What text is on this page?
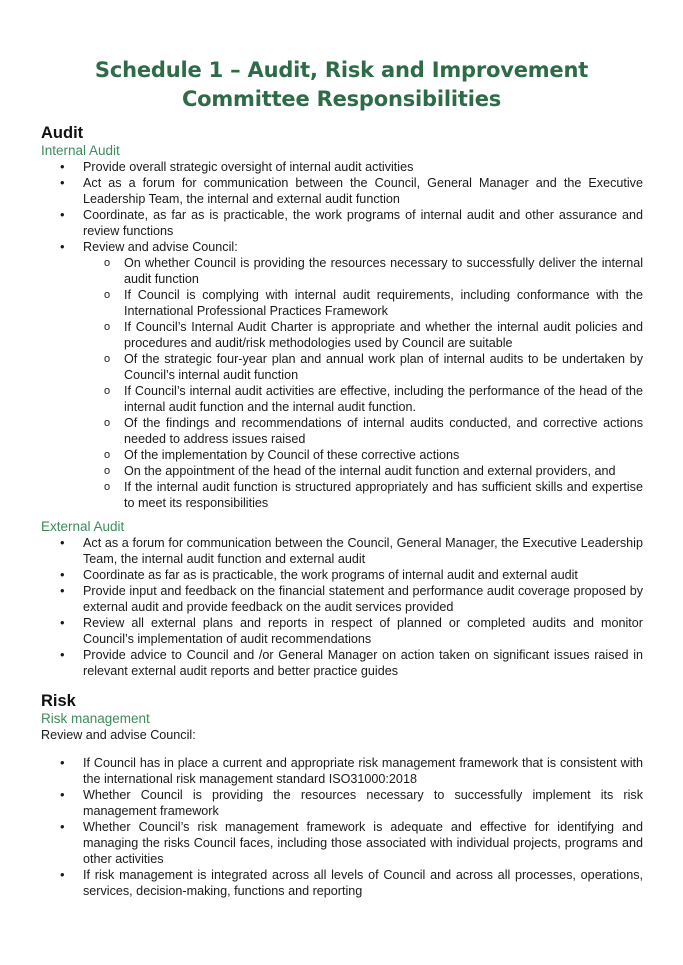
Schedule 1 – Audit, Risk and Improvement Committee Responsibilities
Audit
Internal Audit
• Provide overall strategic oversight of internal audit activities
• Act as a forum for communication between the Council, General Manager and the Executive Leadership Team, the internal and external audit function
• Coordinate, as far as is practicable, the work programs of internal audit and other assurance and review functions
• Review and advise Council:
o On whether Council is providing the resources necessary to successfully deliver the internal audit function
o If Council is complying with internal audit requirements, including conformance with the International Professional Practices Framework
o If Council’s Internal Audit Charter is appropriate and whether the internal audit policies and procedures and audit/risk methodologies used by Council are suitable
o Of the strategic four-year plan and annual work plan of internal audits to be undertaken by Council’s internal audit function
o If Council’s internal audit activities are effective, including the performance of the head of the internal audit function and the internal audit function.
o Of the findings and recommendations of internal audits conducted, and corrective actions needed to address issues raised
o Of the implementation by Council of these corrective actions
o On the appointment of the head of the internal audit function and external providers, and
o If the internal audit function is structured appropriately and has sufficient skills and expertise to meet its responsibilities
External Audit
• Act as a forum for communication between the Council, General Manager, the Executive Leadership Team, the internal audit function and external audit
• Coordinate as far as is practicable, the work programs of internal audit and external audit
• Provide input and feedback on the financial statement and performance audit coverage proposed by external audit and provide feedback on the audit services provided
• Review all external plans and reports in respect of planned or completed audits and monitor Council’s implementation of audit recommendations
• Provide advice to Council and /or General Manager on action taken on significant issues raised in relevant external audit reports and better practice guides
Risk
Risk management

Review and advise Council:

• If Council has in place a current and appropriate risk management framework that is consistent with the international risk management standard ISO31000:2018
• Whether Council is providing the resources necessary to successfully implement its risk management framework
• Whether Council’s risk management framework is adequate and effective for identifying and managing the risks Council faces, including those associated with individual projects, programs and other activities
• If risk management is integrated across all levels of Council and across all processes, operations, services, decision-making, functions and reporting
